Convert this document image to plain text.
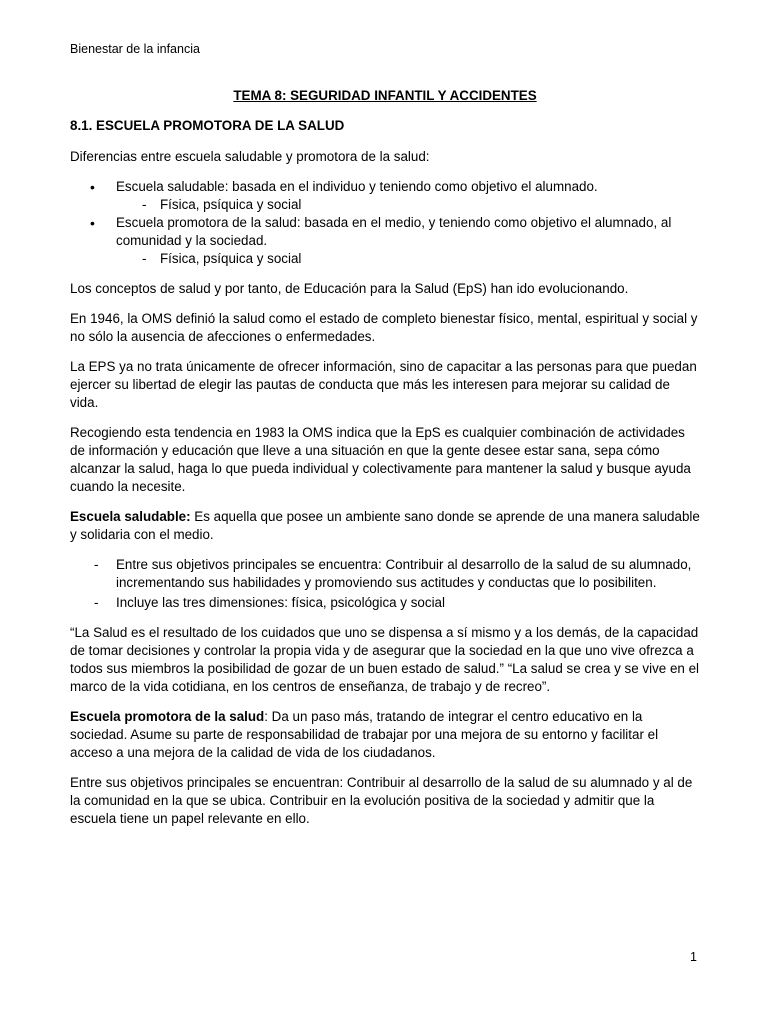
Bienestar de la infancia
TEMA 8: SEGURIDAD INFANTIL Y ACCIDENTES
8.1. ESCUELA PROMOTORA DE LA SALUD

Diferencias entre escuela saludable y promotora de la salud:

• Escuela saludable: basada en el individuo y teniendo como objetivo el alumnado.
- Física, psíquica y social
• Escuela promotora de la salud: basada en el medio, y teniendo como objetivo el alumnado, al comunidad y la sociedad.
- Física, psíquica y social

Los conceptos de salud y por tanto, de Educación para la Salud (EpS) han ido evolucionando.

En 1946, la OMS definió la salud como el estado de completo bienestar físico, mental, espiritual y social y no sólo la ausencia de afecciones o enfermedades.

La EPS ya no trata únicamente de ofrecer información, sino de capacitar a las personas para que puedan ejercer su libertad de elegir las pautas de conducta que más les interesen para mejorar su calidad de vida.

Recogiendo esta tendencia en 1983 la OMS indica que la EpS es cualquier combinación de actividades de información y educación que lleve a una situación en que la gente desee estar sana, sepa cómo alcanzar la salud, haga lo que pueda individual y colectivamente para mantener la salud y busque ayuda cuando la necesite.

Escuela saludable: Es aquella que posee un ambiente sano donde se aprende de una manera saludable y solidaria con el medio.

- Entre sus objetivos principales se encuentra: Contribuir al desarrollo de la salud de su alumnado, incrementando sus habilidades y promoviendo sus actitudes y conductas que lo posibiliten.
- Incluye las tres dimensiones: física, psicológica y social

“La Salud es el resultado de los cuidados que uno se dispensa a sí mismo y a los demás, de la capacidad de tomar decisiones y controlar la propia vida y de asegurar que la sociedad en la que uno vive ofrezca a todos sus miembros la posibilidad de gozar de un buen estado de salud.” “La salud se crea y se vive en el marco de la vida cotidiana, en los centros de enseñanza, de trabajo y de recreo”.

Escuela promotora de la salud: Da un paso más, tratando de integrar el centro educativo en la sociedad. Asume su parte de responsabilidad de trabajar por una mejora de su entorno y facilitar el acceso a una mejora de la calidad de vida de los ciudadanos.

Entre sus objetivos principales se encuentran: Contribuir al desarrollo de la salud de su alumnado y al de la comunidad en la que se ubica. Contribuir en la evolución positiva de la sociedad y admitir que la escuela tiene un papel relevante en ello.

1
